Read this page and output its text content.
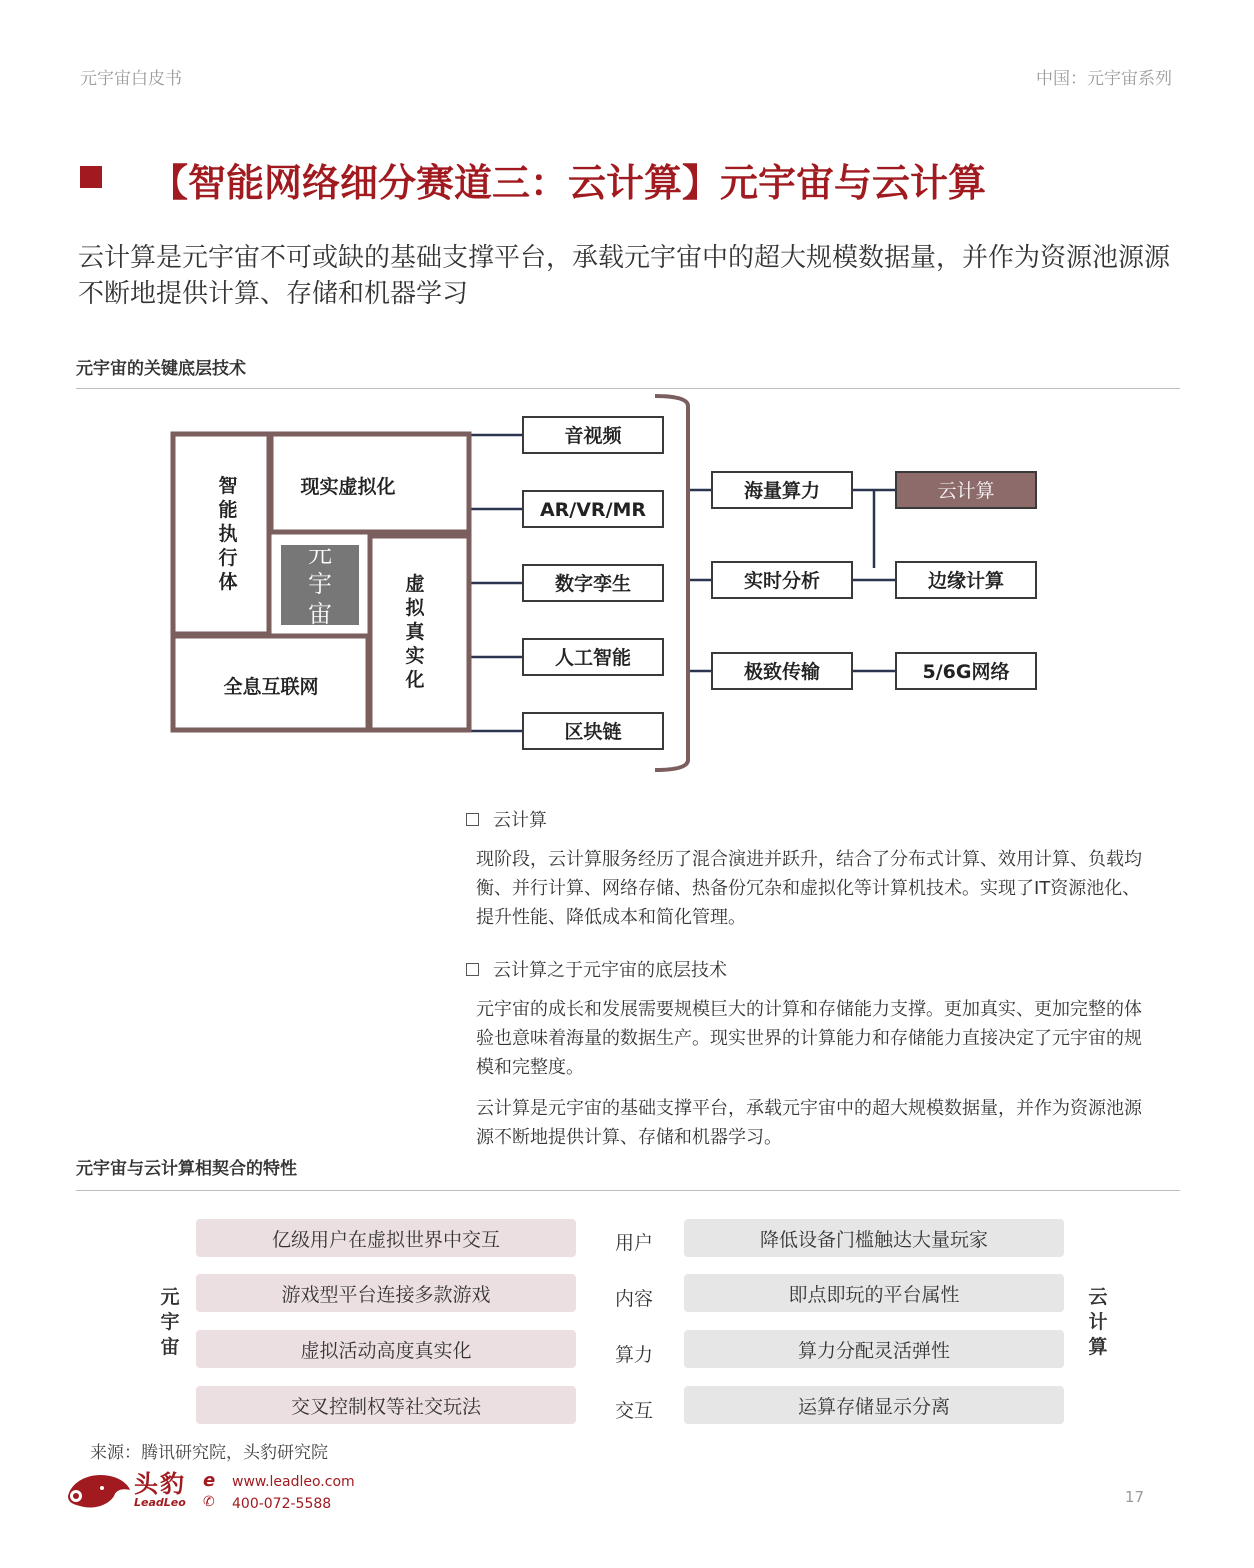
元宇宙白皮书	中国：元宇宙系列
【智能网络细分赛道三：云计算】元宇宙与云计算
云计算是元宇宙不可或缺的基础支撑平台，承载元宇宙中的超大规模数据量，并作为资源池源源不断地提供计算、存储和机器学习
元宇宙的关键底层技术
智能执行体
现实虚拟化
全息互联网
虚拟真实化
元宇宙
音视频
AR/VR/MR
数字孪生
人工智能
区块链
海量算力
实时分析
极致传输
云计算
边缘计算
5/6G网络
云计算
现阶段，云计算服务经历了混合演进并跃升，结合了分布式计算、效用计算、负载均衡、并行计算、网络存储、热备份冗杂和虚拟化等计算机技术。实现了IT资源池化、提升性能、降低成本和简化管理。
云计算之于元宇宙的底层技术
元宇宙的成长和发展需要规模巨大的计算和存储能力支撑。更加真实、更加完整的体验也意味着海量的数据生产。现实世界的计算能力和存储能力直接决定了元宇宙的规模和完整度。
云计算是元宇宙的基础支撑平台，承载元宇宙中的超大规模数据量，并作为资源池源源不断地提供计算、存储和机器学习。
元宇宙与云计算相契合的特性
元
宇
宙
云
计
算
亿级用户在虚拟世界中交互
游戏型平台连接多款游戏
虚拟活动高度真实化
交叉控制权等社交玩法
用户
内容
算力
交互
降低设备门槛触达大量玩家
即点即玩的平台属性
算力分配灵活弹性
运算存储显示分离
来源：腾讯研究院，头豹研究院
头豹
LeadLeo
e
✆
www.leadleo.com
400-072-5588	17
